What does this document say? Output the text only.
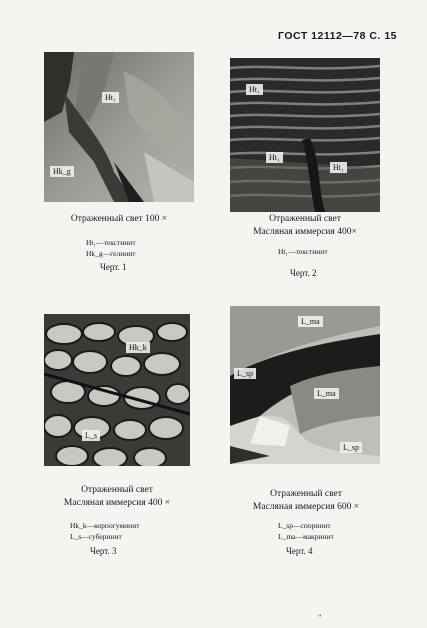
ГОСТ 12112—78 С. 15
Ht₁
Hk_g
Отраженный свет 100 ×
Ht₁—текстинит
Hk_g—гелинит
Черт. 1
Ht₁
Ht₁
Ht₁
Отраженный свет
Масляная иммерсия 400×
Ht₁—текстинит
Черт. 2
Hk_k
L_s
Отраженный свет
Масляная иммерсия 400 ×
Hk_k—корпогуминит
L_s—суберинит
Черт. 3
L_ma
L_sp
L_ma
L_sp
Отраженный свет
Масляная иммерсия 600 ×
L_sp—споринит
L_ma—макринит
Черт. 4
"
